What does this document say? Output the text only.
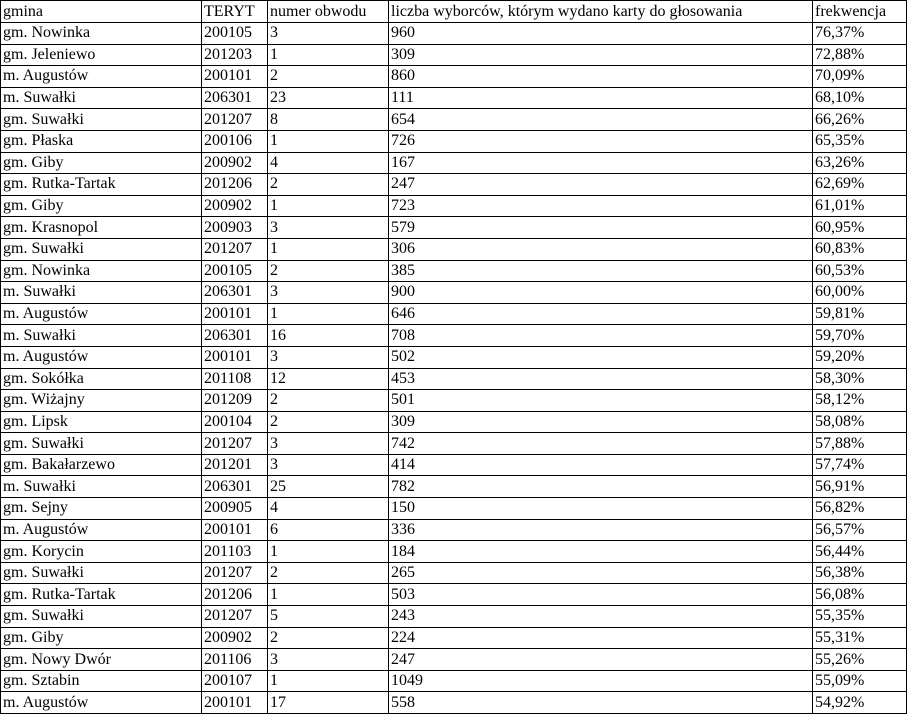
gmina	TERYT	numer obwodu	liczba wyborców, którym wydano karty do głosowania	frekwencja
gm. Nowinka	200105	3	960	76,37%
gm. Jeleniewo	201203	1	309	72,88%
m. Augustów	200101	2	860	70,09%
m. Suwałki	206301	23	111	68,10%
gm. Suwałki	201207	8	654	66,26%
gm. Płaska	200106	1	726	65,35%
gm. Giby	200902	4	167	63,26%
gm. Rutka-Tartak	201206	2	247	62,69%
gm. Giby	200902	1	723	61,01%
gm. Krasnopol	200903	3	579	60,95%
gm. Suwałki	201207	1	306	60,83%
gm. Nowinka	200105	2	385	60,53%
m. Suwałki	206301	3	900	60,00%
m. Augustów	200101	1	646	59,81%
m. Suwałki	206301	16	708	59,70%
m. Augustów	200101	3	502	59,20%
gm. Sokółka	201108	12	453	58,30%
gm. Wiżajny	201209	2	501	58,12%
gm. Lipsk	200104	2	309	58,08%
gm. Suwałki	201207	3	742	57,88%
gm. Bakałarzewo	201201	3	414	57,74%
m. Suwałki	206301	25	782	56,91%
gm. Sejny	200905	4	150	56,82%
m. Augustów	200101	6	336	56,57%
gm. Korycin	201103	1	184	56,44%
gm. Suwałki	201207	2	265	56,38%
gm. Rutka-Tartak	201206	1	503	56,08%
gm. Suwałki	201207	5	243	55,35%
gm. Giby	200902	2	224	55,31%
gm. Nowy Dwór	201106	3	247	55,26%
gm. Sztabin	200107	1	1049	55,09%
m. Augustów	200101	17	558	54,92%
